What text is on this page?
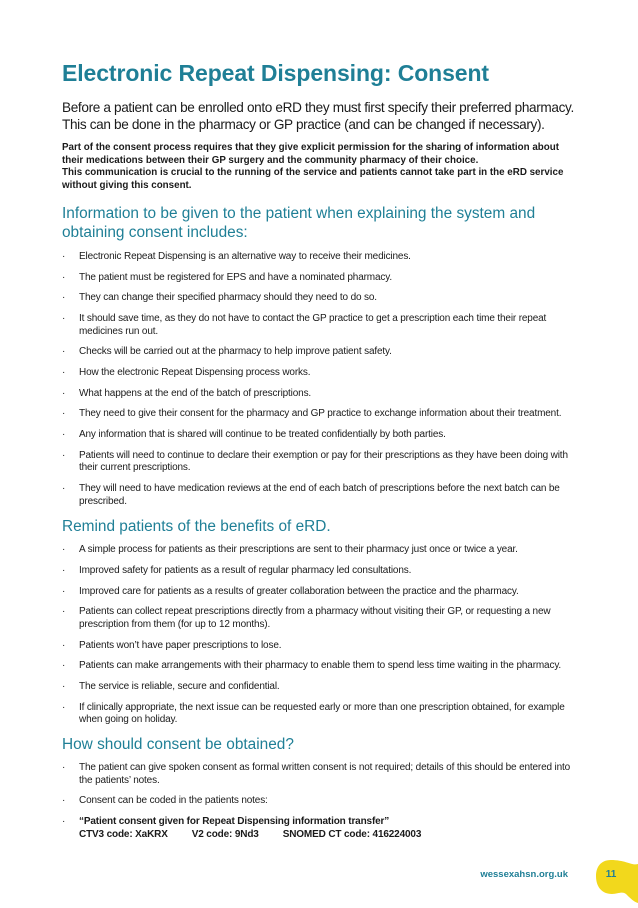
Electronic Repeat Dispensing: Consent

Before a patient can be enrolled onto eRD they must first specify their preferred pharmacy. This can be done in the pharmacy or GP practice (and can be changed if necessary).

Part of the consent process requires that they give explicit permission for the sharing of information about their medications between their GP surgery and the community pharmacy of their choice.
This communication is crucial to the running of the service and patients cannot take part in the eRD service without giving this consent.

Information to be given to the patient when explaining the system and obtaining consent includes:
· Electronic Repeat Dispensing is an alternative way to receive their medicines.
· The patient must be registered for EPS and have a nominated pharmacy.
· They can change their specified pharmacy should they need to do so.
· It should save time, as they do not have to contact the GP practice to get a prescription each time their repeat medicines run out.
· Checks will be carried out at the pharmacy to help improve patient safety.
· How the electronic Repeat Dispensing process works.
· What happens at the end of the batch of prescriptions.
· They need to give their consent for the pharmacy and GP practice to exchange information about their treatment.
· Any information that is shared will continue to be treated confidentially by both parties.
· Patients will need to continue to declare their exemption or pay for their prescriptions as they have been doing with their current prescriptions.
· They will need to have medication reviews at the end of each batch of prescriptions before the next batch can be prescribed.
Remind patients of the benefits of eRD.
· A simple process for patients as their prescriptions are sent to their pharmacy just once or twice a year.
· Improved safety for patients as a result of regular pharmacy led consultations.
· Improved care for patients as a results of greater collaboration between the practice and the pharmacy.
· Patients can collect repeat prescriptions directly from a pharmacy without visiting their GP, or requesting a new prescription from them (for up to 12 months).
· Patients won’t have paper prescriptions to lose.
· Patients can make arrangements with their pharmacy to enable them to spend less time waiting in the pharmacy.
· The service is reliable, secure and confidential.
· If clinically appropriate, the next issue can be requested early or more than one prescription obtained, for example when going on holiday.
How should consent be obtained?
· The patient can give spoken consent as formal written consent is not required; details of this should be entered into the patients’ notes.
· Consent can be coded in the patients notes:
· “Patient consent given for Repeat Dispensing information transfer”
CTV3 code: XaKRX V2 code: 9Nd3 SNOMED CT code: 416224003
wessexahsn.org.uk	11
